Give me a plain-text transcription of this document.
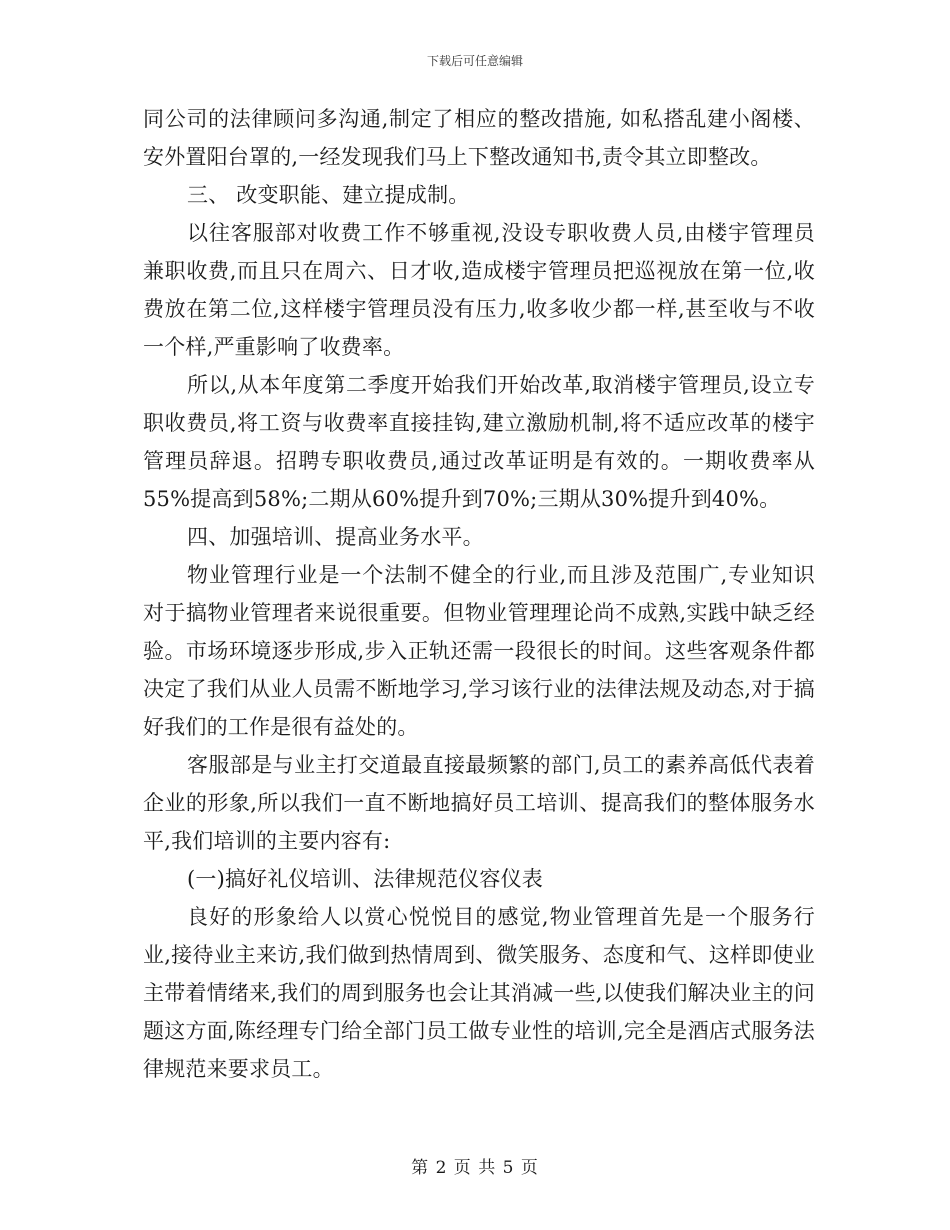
下载后可任意编辑

同公司的法律顾问多沟通,制定了相应的整改措施, 如私搭乱建小阁楼、安外置阳台罩的,一经发现我们马上下整改通知书,责令其立即整改。

三、 改变职能、建立提成制。

以往客服部对收费工作不够重视,没设专职收费人员,由楼宇管理员兼职收费,而且只在周六、日才收,造成楼宇管理员把巡视放在第一位,收费放在第二位,这样楼宇管理员没有压力,收多收少都一样,甚至收与不收一个样,严重影响了收费率。

所以,从本年度第二季度开始我们开始改革,取消楼宇管理员,设立专职收费员,将工资与收费率直接挂钩,建立激励机制,将不适应改革的楼宇管理员辞退。招聘专职收费员,通过改革证明是有效的。一期收费率从55%提高到58%;二期从60%提升到70%;三期从30%提升到40%。

四、加强培训、提高业务水平。

物业管理行业是一个法制不健全的行业,而且涉及范围广,专业知识对于搞物业管理者来说很重要。但物业管理理论尚不成熟,实践中缺乏经验。市场环境逐步形成,步入正轨还需一段很长的时间。这些客观条件都决定了我们从业人员需不断地学习,学习该行业的法律法规及动态,对于搞好我们的工作是很有益处的。

客服部是与业主打交道最直接最频繁的部门,员工的素养高低代表着企业的形象,所以我们一直不断地搞好员工培训、提高我们的整体服务水平,我们培训的主要内容有:

(一)搞好礼仪培训、法律规范仪容仪表

良好的形象给人以赏心悦悦目的感觉,物业管理首先是一个服务行业,接待业主来访,我们做到热情周到、微笑服务、态度和气、这样即使业主带着情绪来,我们的周到服务也会让其消减一些,以使我们解决业主的问题这方面,陈经理专门给全部门员工做专业性的培训,完全是酒店式服务法律规范来要求员工。

第 2 页 共 5 页
